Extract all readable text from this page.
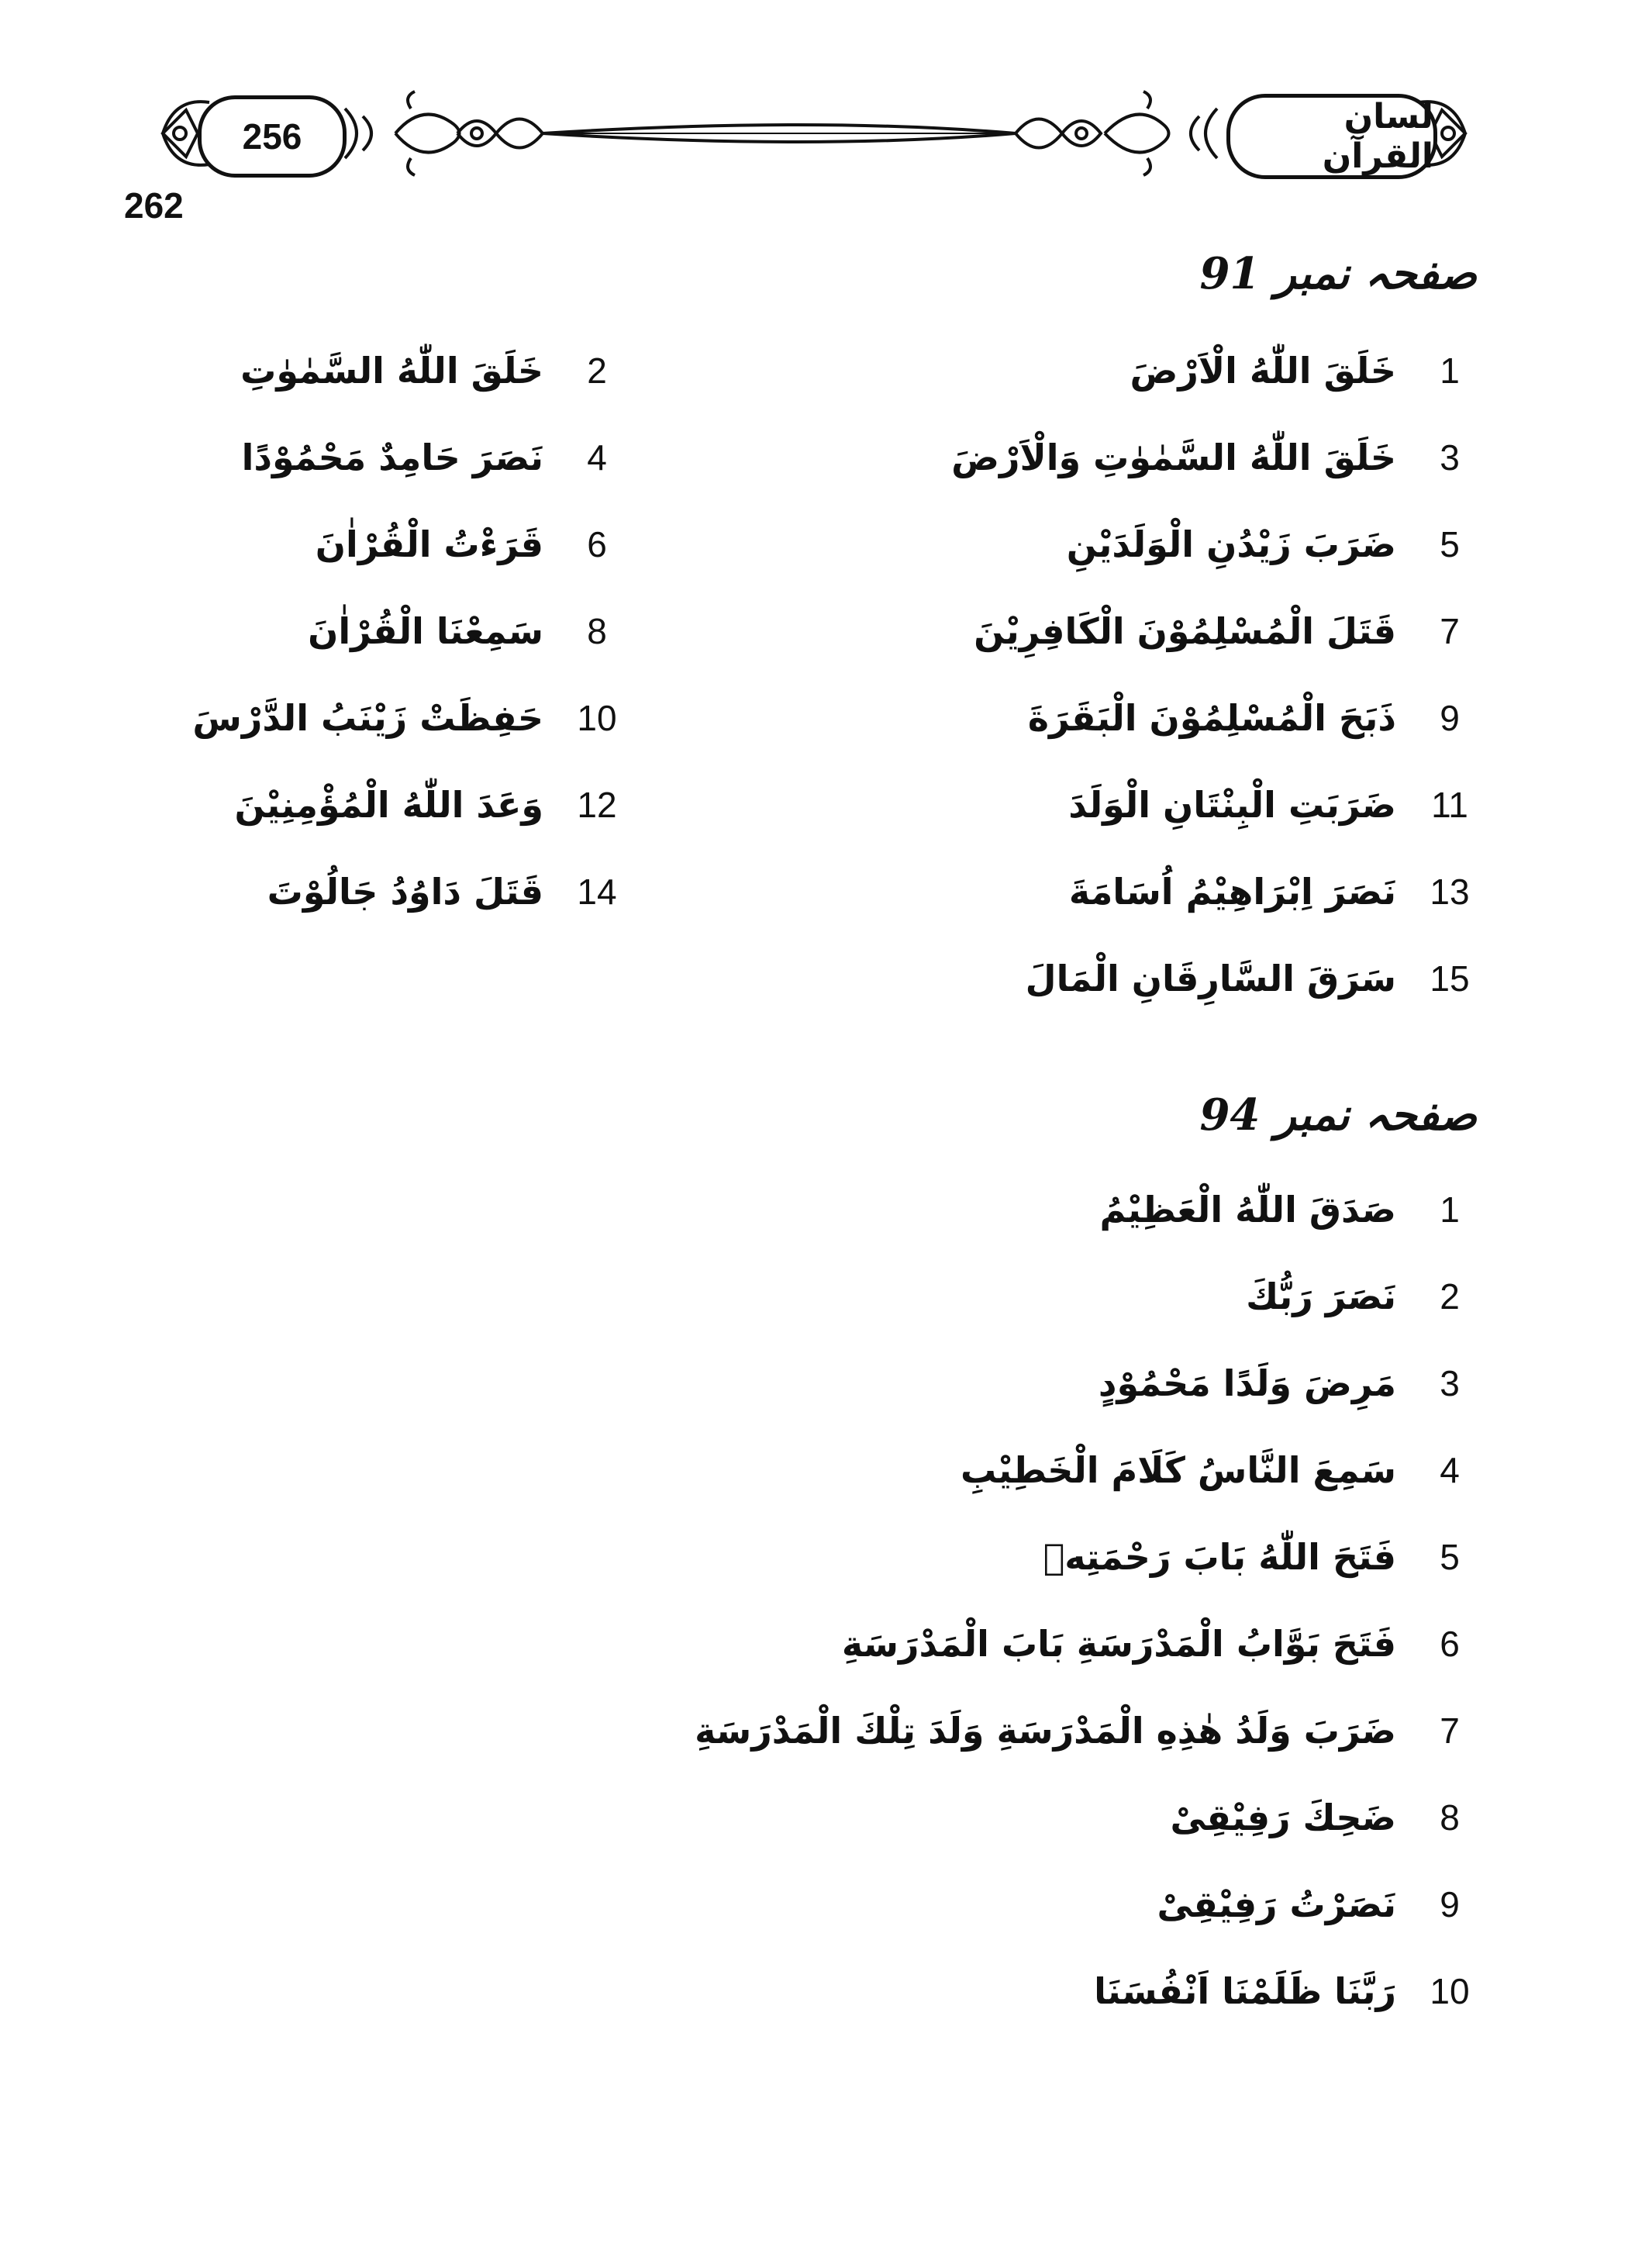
256	لسان القرآن
262
صفحہ نمبر 91
1
خَلَقَ اللّٰهُ الْاَرْضَ
3
خَلَقَ اللّٰهُ السَّمٰوٰتِ وَالْاَرْضَ
5
ضَرَبَ زَيْدُنِ الْوَلَدَيْنِ
7
قَتَلَ الْمُسْلِمُوْنَ الْكَافِرِيْنَ
9
ذَبَحَ الْمُسْلِمُوْنَ الْبَقَرَةَ
11
ضَرَبَتِ الْبِنْتَانِ الْوَلَدَ
13
نَصَرَ اِبْرَاهِيْمُ اُسَامَةَ
15
سَرَقَ السَّارِقَانِ الْمَالَ
2
خَلَقَ اللّٰهُ السَّمٰوٰتِ
4
نَصَرَ حَامِدٌ مَحْمُوْدًا
6
قَرَءْتُ الْقُرْاٰنَ
8
سَمِعْنَا الْقُرْاٰنَ
10
حَفِظَتْ زَيْنَبُ الدَّرْسَ
12
وَعَدَ اللّٰهُ الْمُؤْمِنِيْنَ
14
قَتَلَ دَاوُدُ جَالُوْتَ
صفحہ نمبر 94
1
صَدَقَ اللّٰهُ الْعَظِيْمُ
2
نَصَرَ رَبُّكَ
3
مَرِضَ وَلَدًا مَحْمُوْدٍ
4
سَمِعَ النَّاسُ كَلَامَ الْخَطِيْبِ
5
فَتَحَ اللّٰهُ بَابَ رَحْمَتِهٖ
6
فَتَحَ بَوَّابُ الْمَدْرَسَةِ بَابَ الْمَدْرَسَةِ
7
ضَرَبَ وَلَدُ هٰذِهِ الْمَدْرَسَةِ وَلَدَ تِلْكَ الْمَدْرَسَةِ
8
ضَحِكَ رَفِيْقِىْ
9
نَصَرْتُ رَفِيْقِىْ
10
رَبَّنَا ظَلَمْنَا اَنْفُسَنَا
